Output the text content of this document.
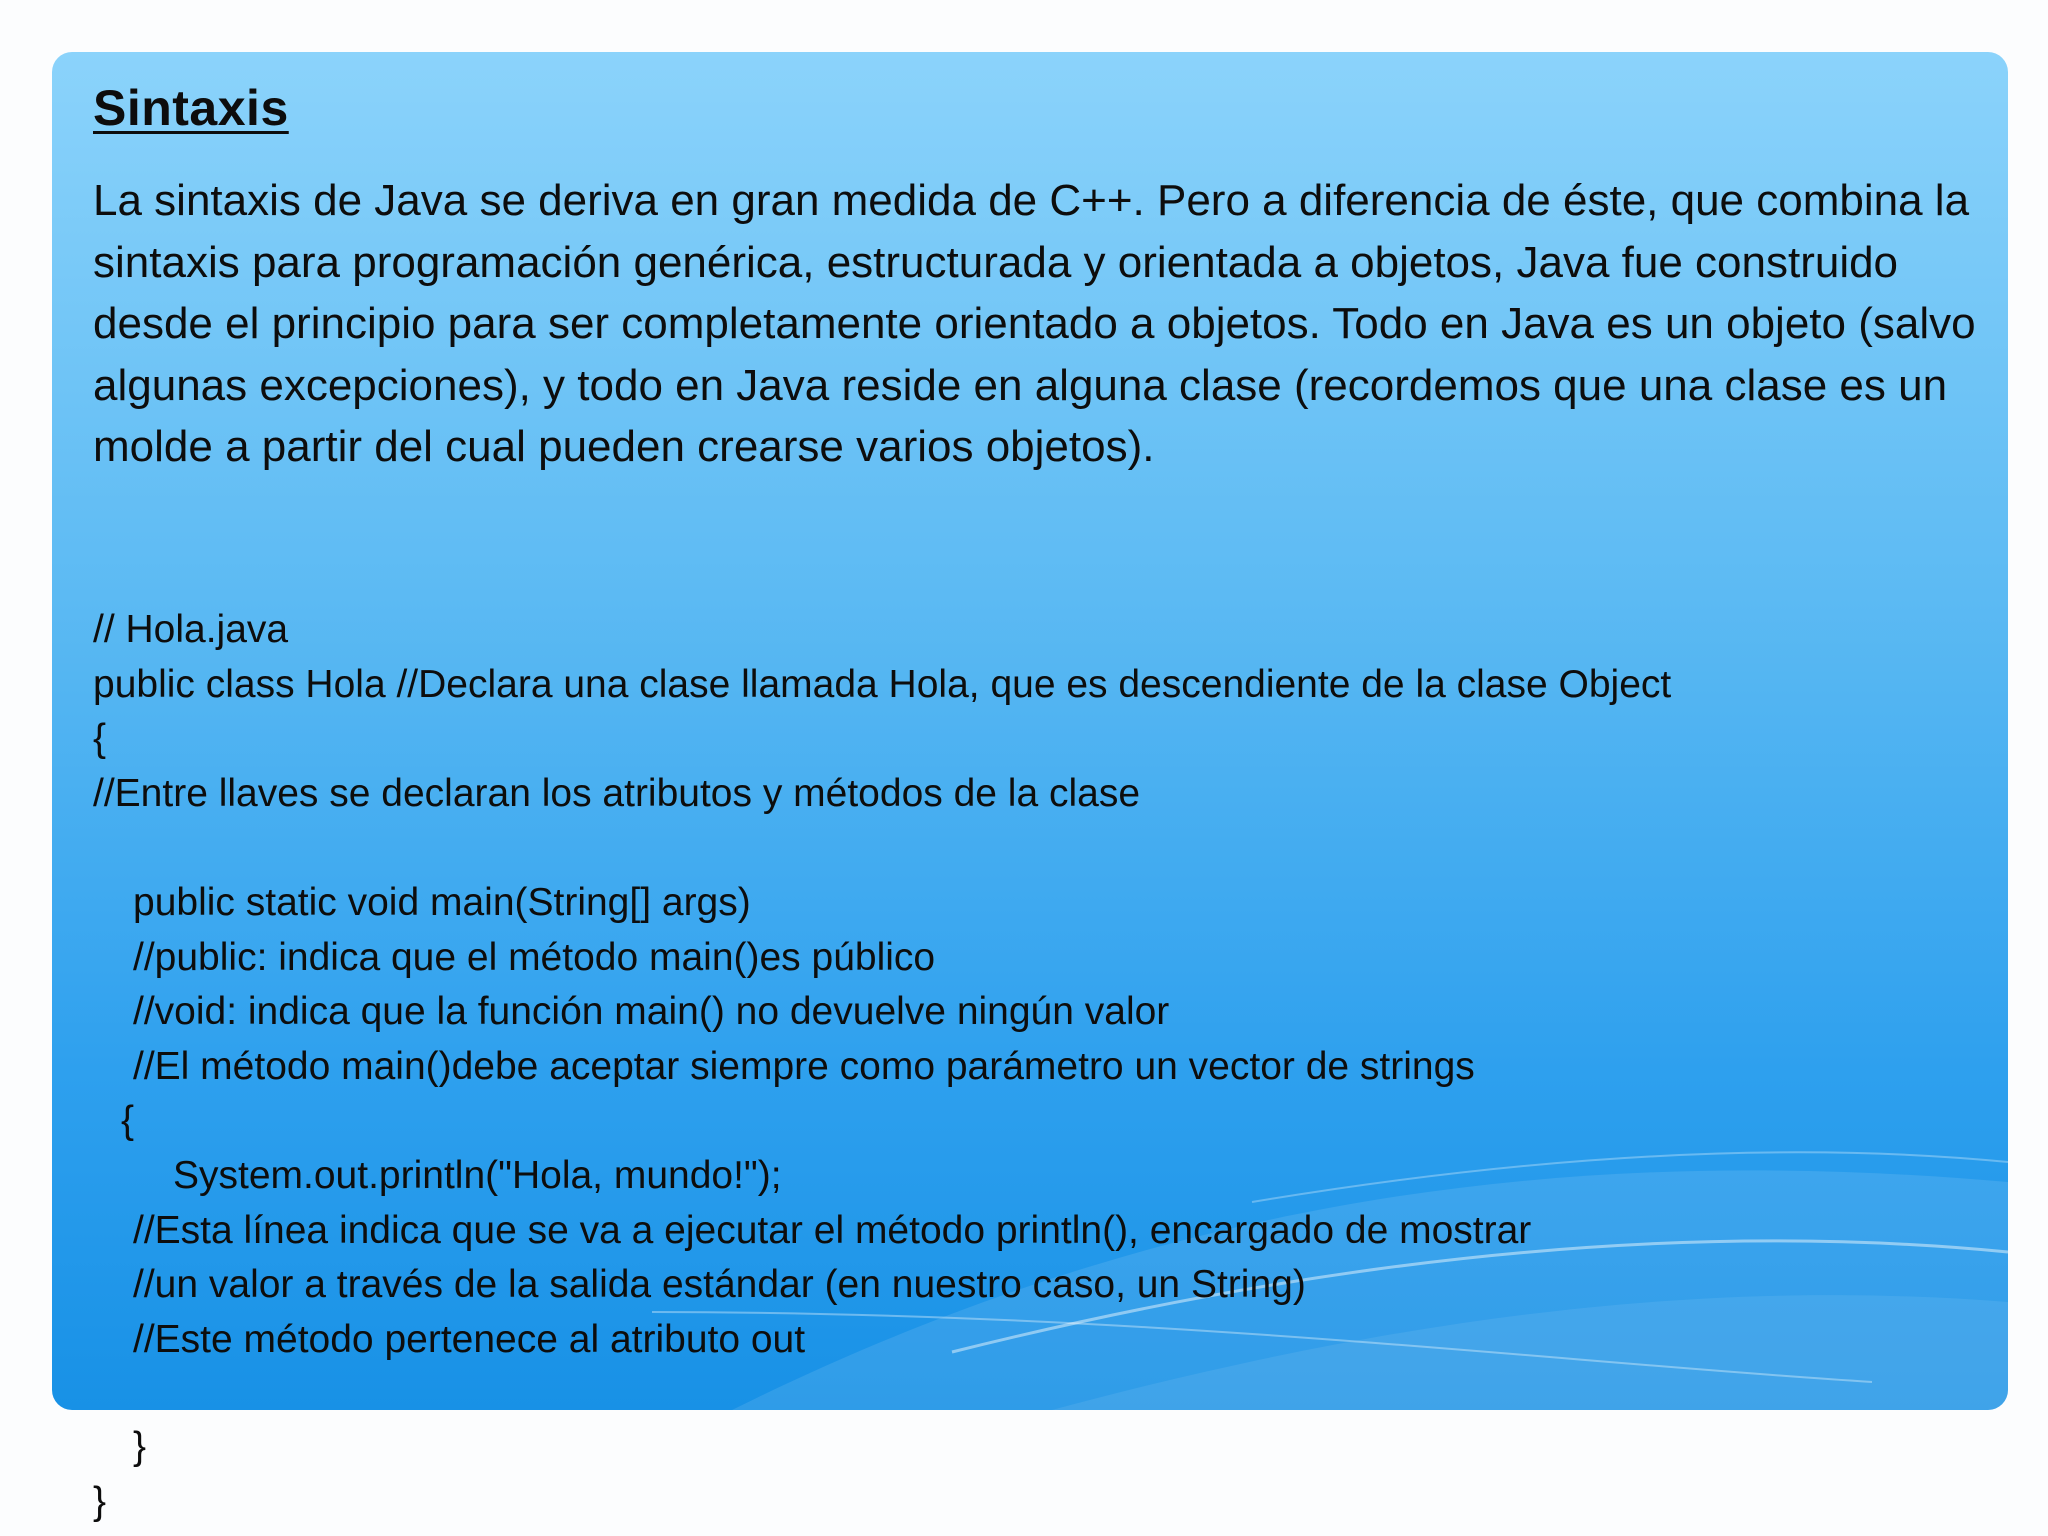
Sintaxis

La sintaxis de Java se deriva en gran medida de C++. Pero a diferencia de éste, que combina la sintaxis para programación genérica, estructurada y orientada a objetos, Java fue construido desde el principio para ser completamente orientado a objetos. Todo en Java es un objeto (salvo algunas excepciones), y todo en Java reside en alguna clase (recordemos que una clase es un molde a partir del cual pueden crearse varios objetos).

// Hola.java
public class Hola //Declara una clase llamada Hola, que es descendiente de la clase Object
{
//Entre llaves se declaran los atributos y métodos de la clase
public static void main(String[] args)
//public: indica que el método main()es público
//void: indica que la función main() no devuelve ningún valor
//El método main()debe aceptar siempre como parámetro un vector de strings
{
System.out.println("Hola, mundo!");
//Esta línea indica que se va a ejecutar el método println(), encargado de mostrar
//un valor a través de la salida estándar (en nuestro caso, un String)
//Este método pertenece al atributo out
}
}
